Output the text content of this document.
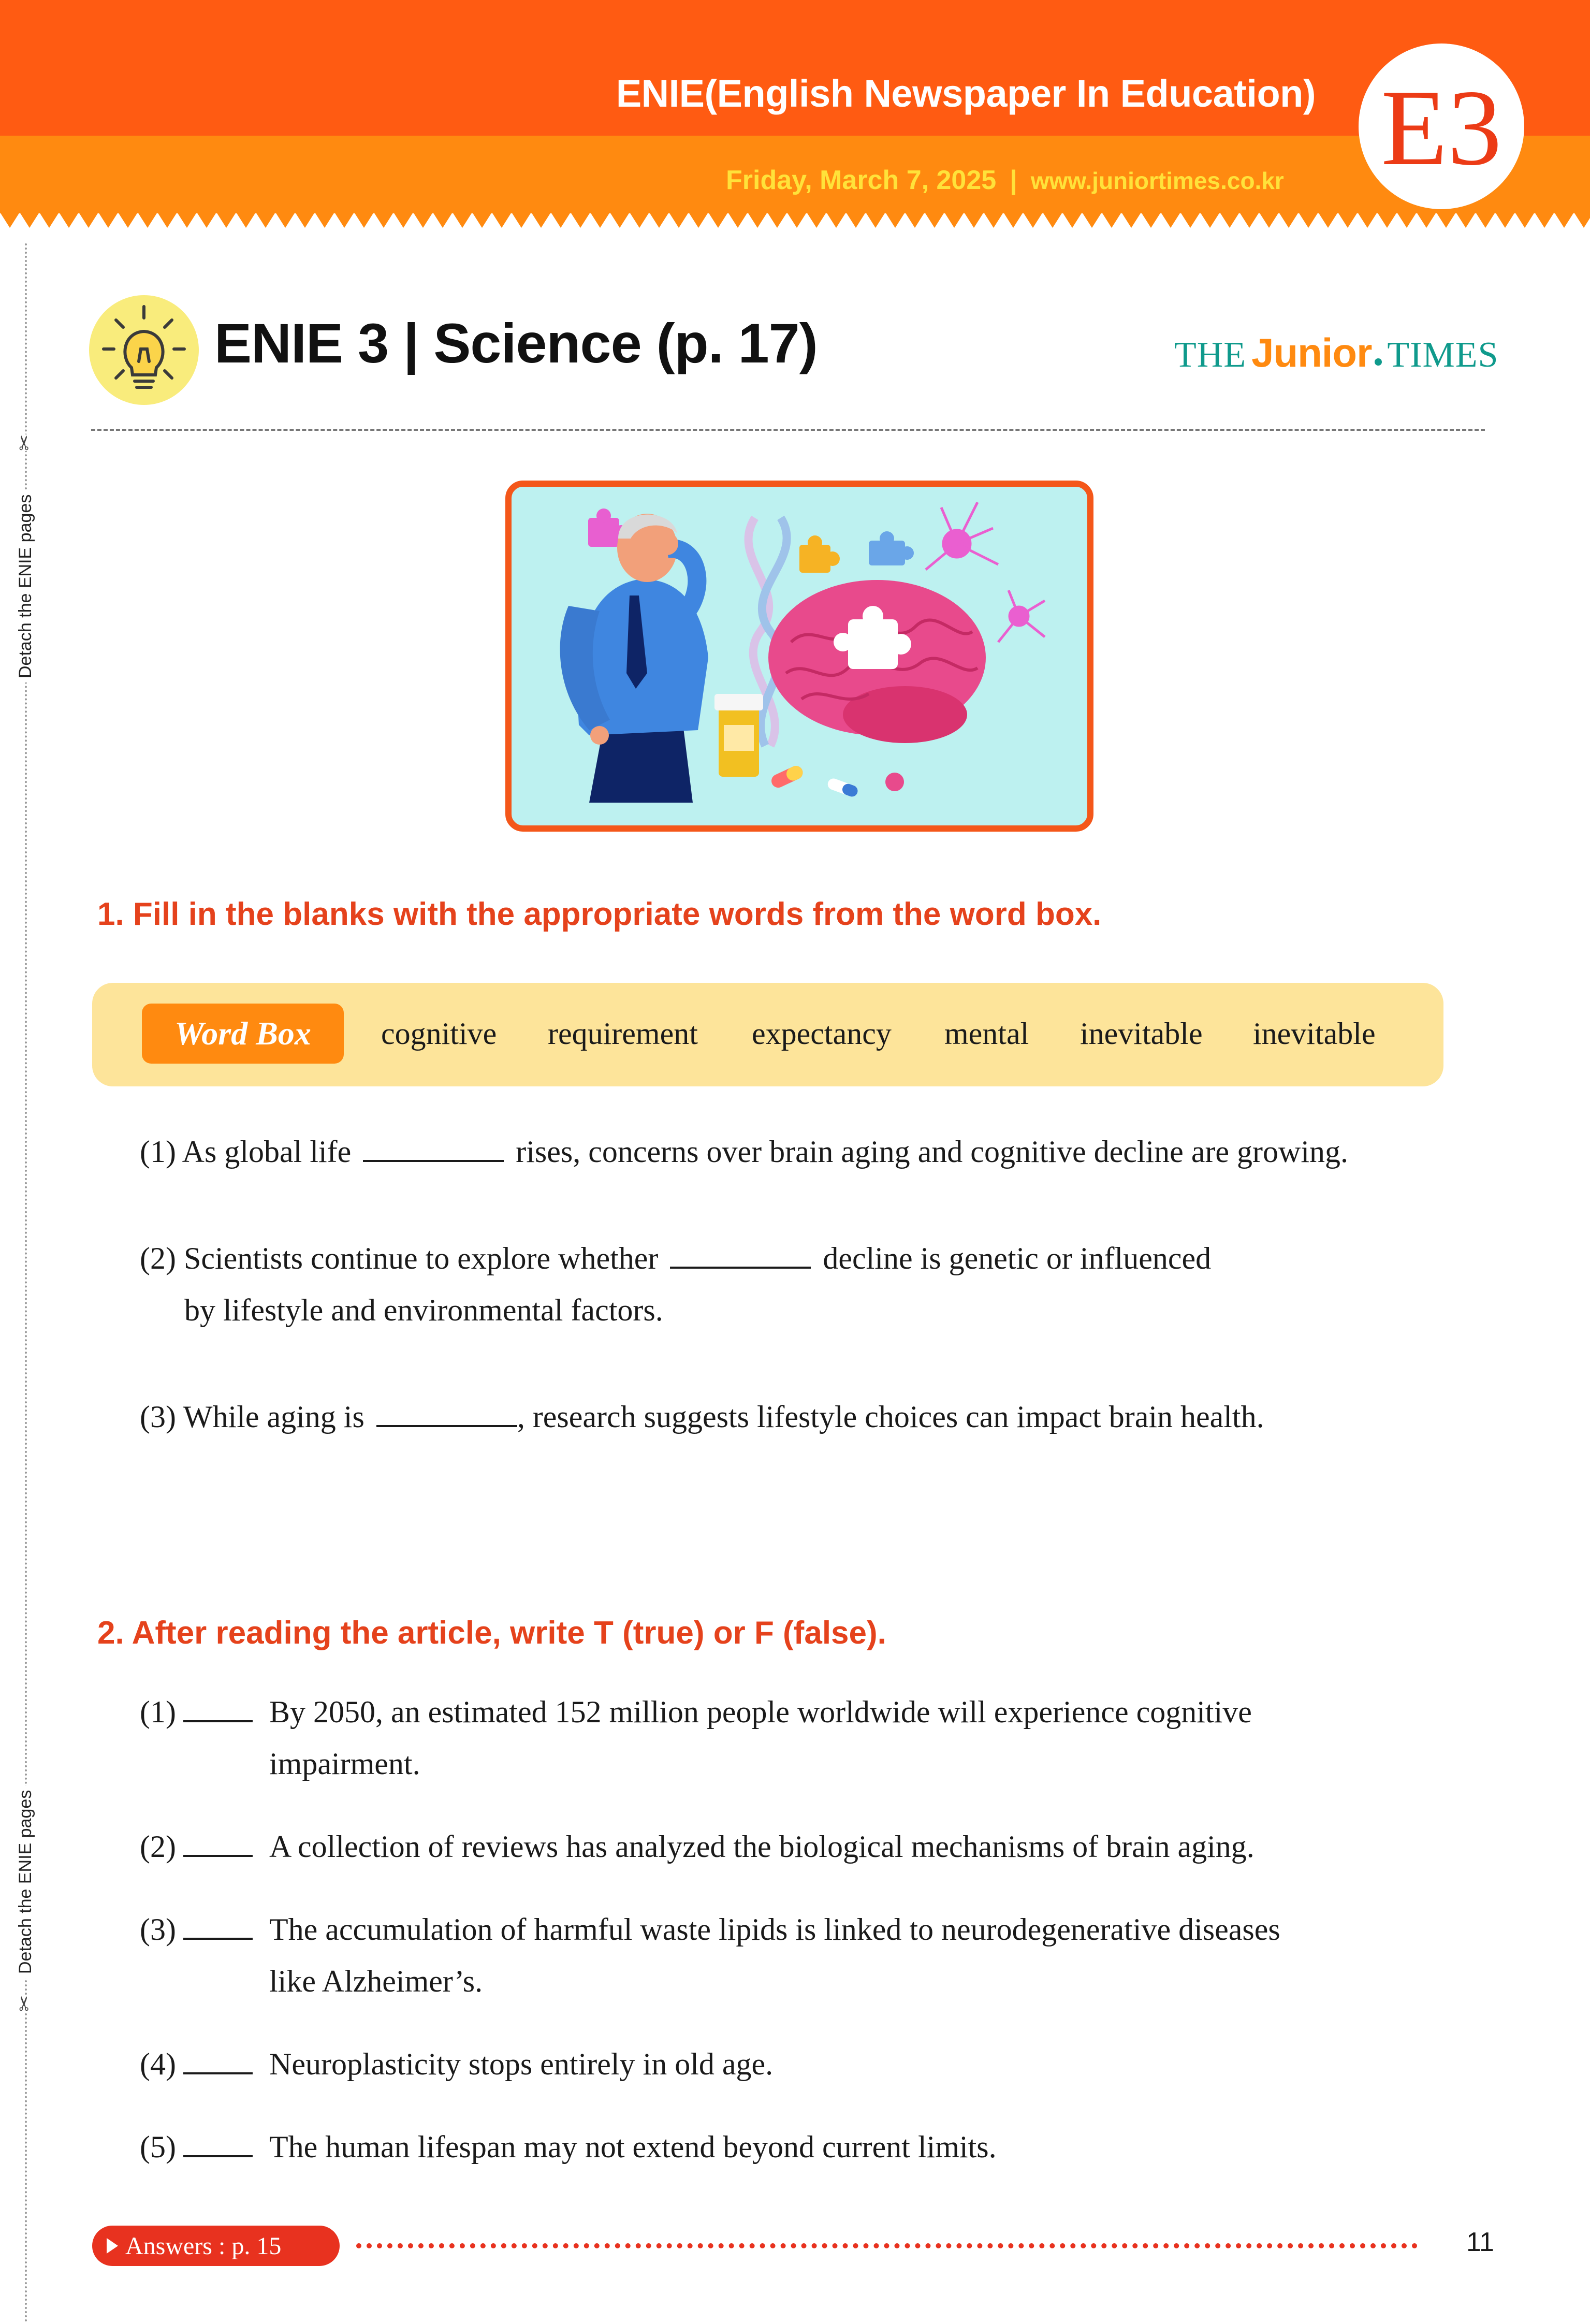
ENIE(English Newspaper In Education)
Friday, March 7, 2025 | www.juniortimes.co.kr E3
Detach the ENIE pages
Detach the ENIE pages
✂
✂
ENIE 3 | Science (p. 17)	THE Junior TIMES
1. Fill in the blanks with the appropriate words from the word box.
Word Box	cognitive requirement expectancy mental inevitable inevitable
(1) As global life	rises, concerns over brain aging and cognitive decline are growing.
(2) Scientists continue to explore whether	decline is genetic or influenced
by lifestyle and environmental factors.
(3) While aging is	, research suggests lifestyle choices can impact brain health.
2. After reading the article, write T (true) or F (false).
(1)	By 2050, an estimated 152 million people worldwide will experience cognitive
impairment.
(2)	A collection of reviews has analyzed the biological mechanisms of brain aging.
(3)	The accumulation of harmful waste lipids is linked to neurodegenerative diseases
like Alzheimer’s.
(4)	Neuroplasticity stops entirely in old age.
(5)	The human lifespan may not extend beyond current limits.
Answers : p. 15	11
